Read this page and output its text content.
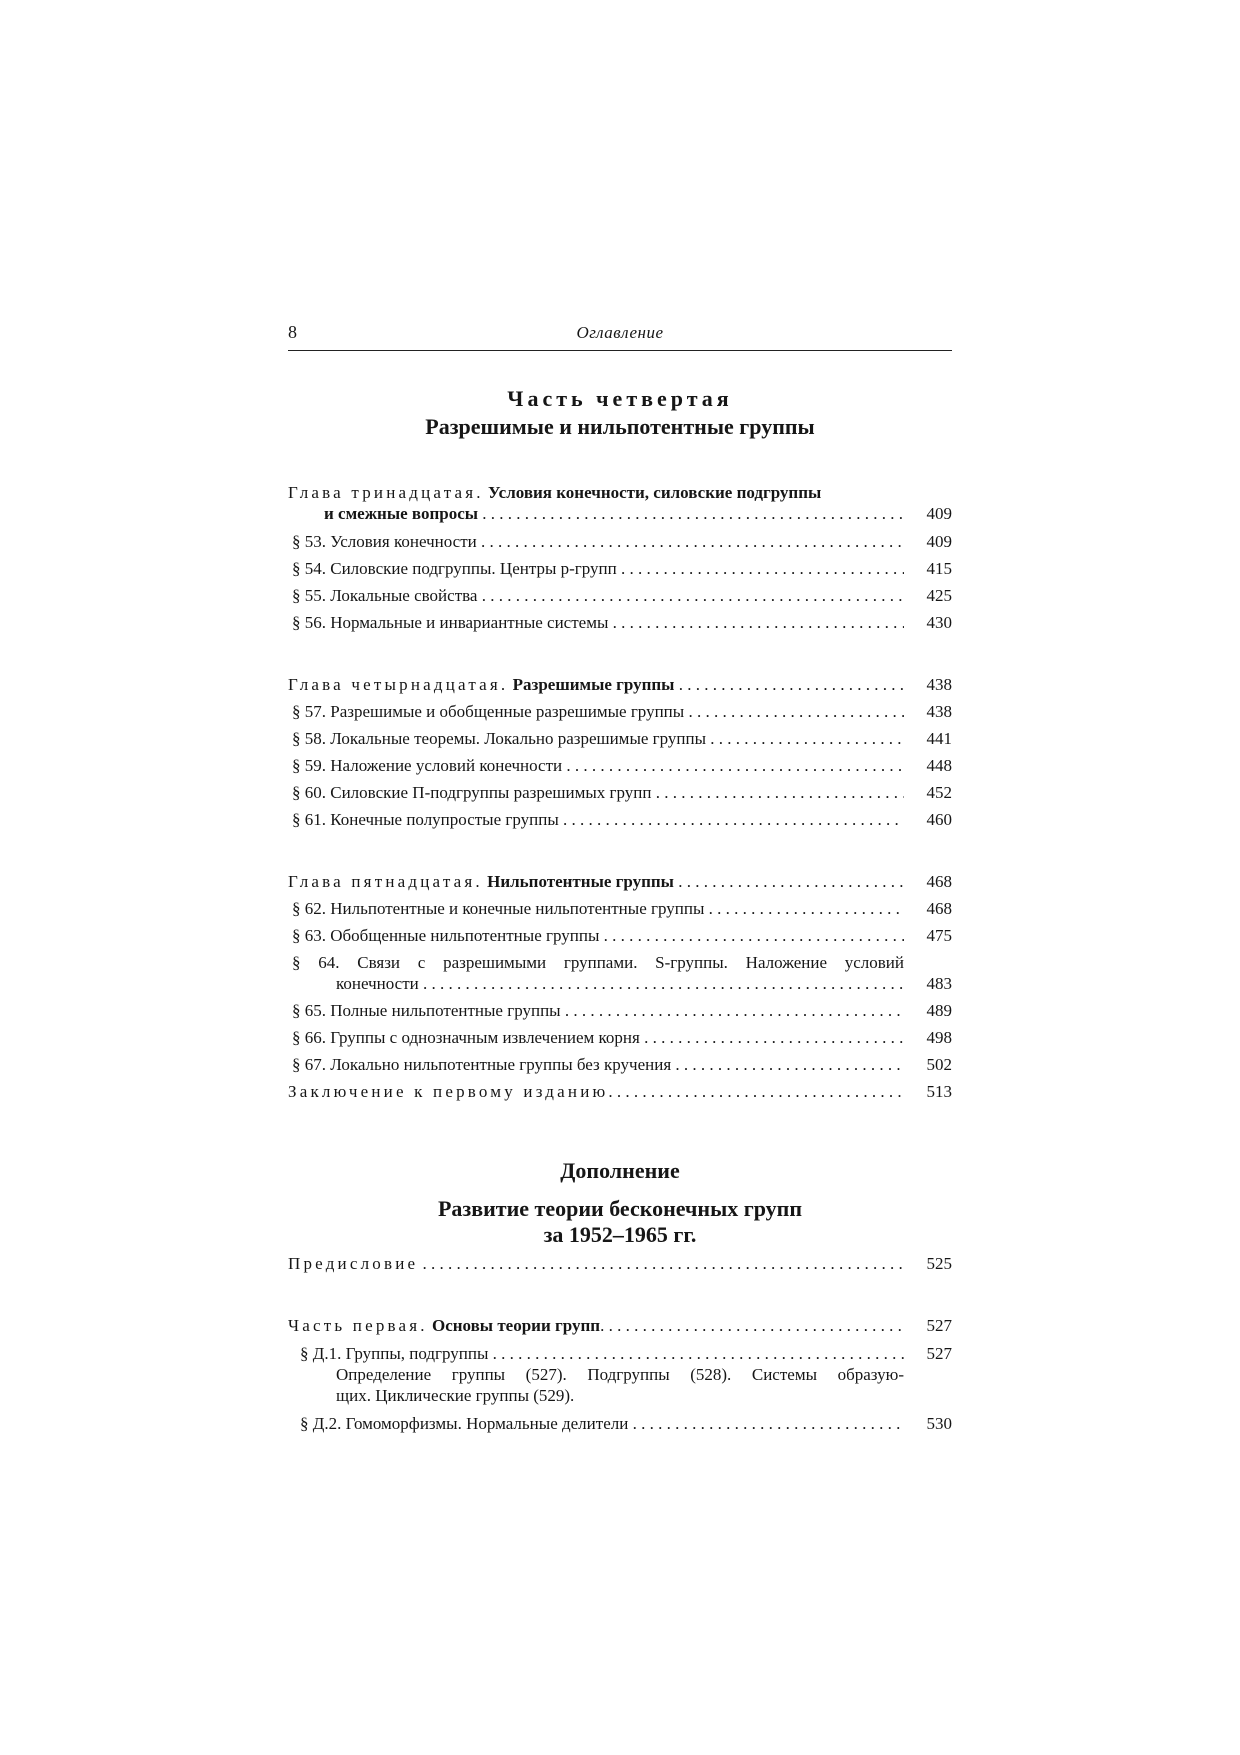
8	Оглавление
Часть четвертая
Разрешимые и нильпотентные группы
Глава тринадцатая. Условия конечности, силовские подгруппы
и смежные вопросы . . .	409
§ 53. Условия конечности . . .	409
§ 54. Силовские подгруппы. Центры p-групп . . .	415
§ 55. Локальные свойства . . .	425
§ 56. Нормальные и инвариантные системы . . .	430
Глава четырнадцатая. Разрешимые группы . . .	438
§ 57. Разрешимые и обобщенные разрешимые группы . . .	438
§ 58. Локальные теоремы. Локально разрешимые группы . . .	441
§ 59. Наложение условий конечности . . .	448
§ 60. Силовские П-подгруппы разрешимых групп . . .	452
§ 61. Конечные полупростые группы . . .	460
Глава пятнадцатая. Нильпотентные группы . . .	468
§ 62. Нильпотентные и конечные нильпотентные группы . . .	468
§ 63. Обобщенные нильпотентные группы . . .	475
§ 64. Связи с разрешимыми группами. S-группы. Наложение условий
конечности . . .	483
§ 65. Полные нильпотентные группы . . .	489
§ 66. Группы с однозначным извлечением корня . . .	498
§ 67. Локально нильпотентные группы без кручения . . .	502
Заключение к первому изданию . . .	513
Дополнение
Развитие теории бесконечных групп
за 1952–1965 гг.
Предисловие . . .	525
Часть первая. Основы теории групп . . .	527
§ Д.1. Группы, подгруппы . . .	527
Определение группы (527). Подгруппы (528). Системы образую-
щих. Циклические группы (529).
§ Д.2. Гомоморфизмы. Нормальные делители . . .	530
